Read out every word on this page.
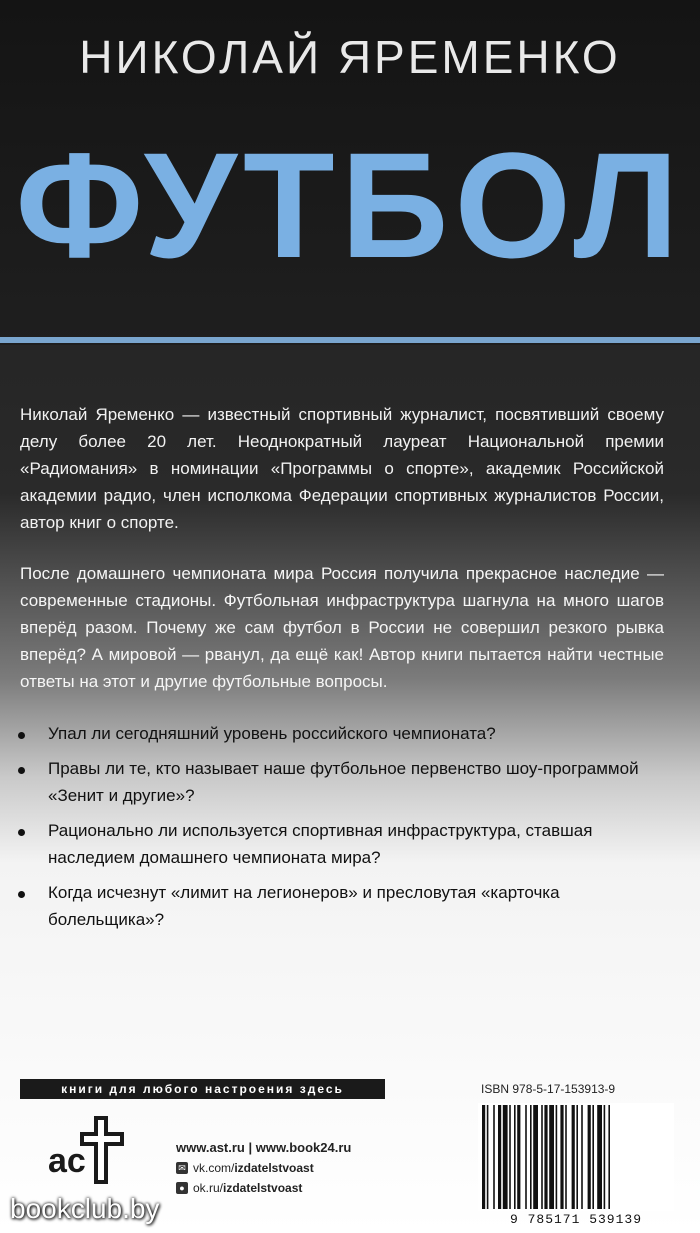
НИКОЛАЙ ЯРЕМЕНКО
ФУТБОЛ

Николай Яременко — известный спортивный журналист, посвятивший своему делу более 20 лет. Неоднократный лауреат Национальной премии «Радиомания» в номинации «Программы о спорте», академик Российской академии радио, член исполкома Федерации спортивных журналистов России, автор книг о спорте.

После домашнего чемпионата мира Россия получила прекрасное наследие — современные стадионы. Футбольная инфраструктура шагнула на много шагов вперёд разом. Почему же сам футбол в России не совершил резкого рывка вперёд? А мировой — рванул, да ещё как! Автор книги пытается найти честные ответы на этот и другие футбольные вопросы.

Упал ли сегодняшний уровень российского чемпионата?
Правы ли те, кто называет наше футбольное первенство шоу-программой «Зенит и другие»?
Рационально ли используется спортивная инфраструктура, ставшая наследием домашнего чемпионата мира?
Когда исчезнут «лимит на легионеров» и пресловутая «карточка болельщика»?
книги для любого настроения здесь
ac	www.ast.ru | www.book24.ru
✉ vk.com/ izdatelstvoast
● ok.ru/ izdatelstvoast
ISBN 978-5-17-153913-9
9 785171 539139
bookclub.by
